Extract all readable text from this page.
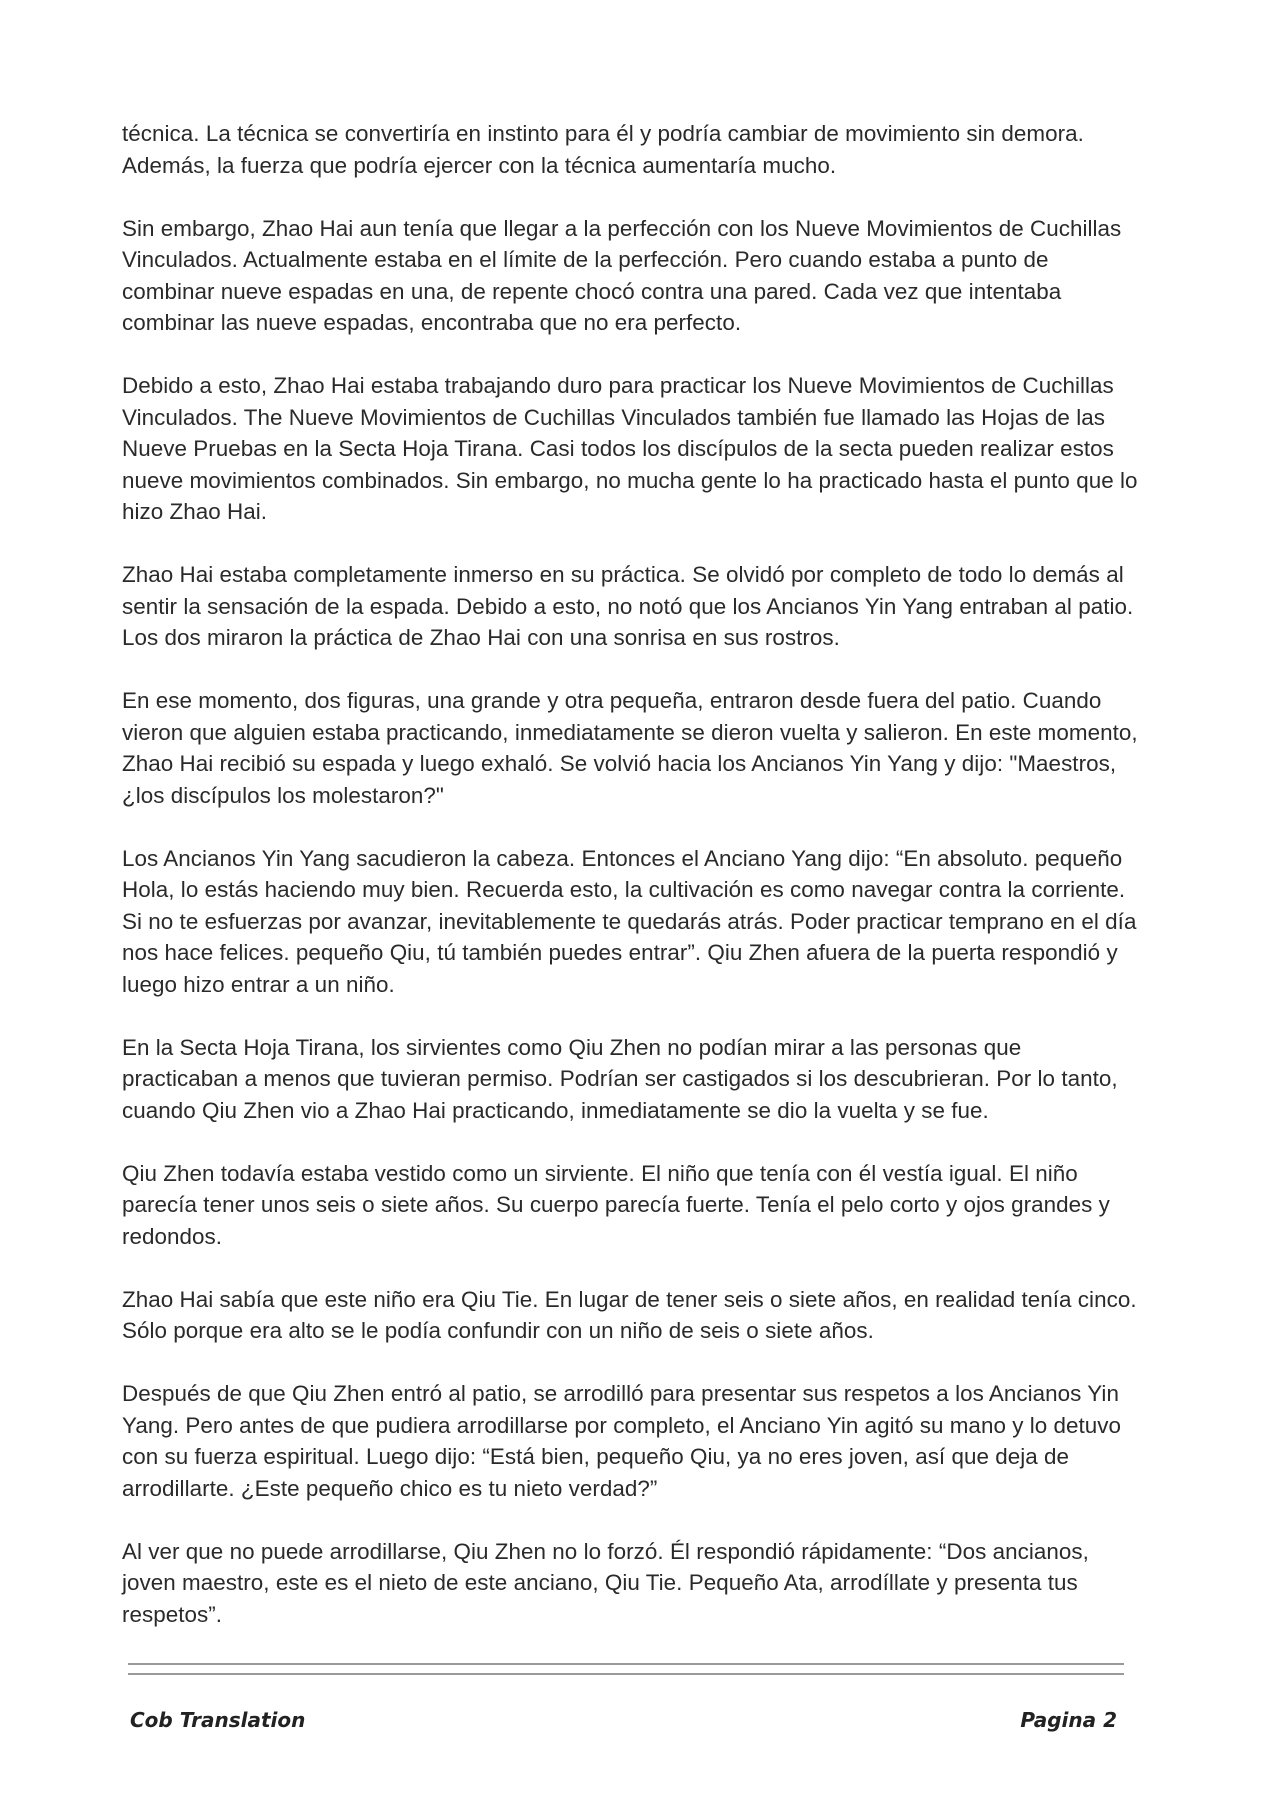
técnica. La técnica se convertiría en instinto para él y podría cambiar de movimiento sin demora. Además, la fuerza que podría ejercer con la técnica aumentaría mucho.

Sin embargo, Zhao Hai aun tenía que llegar a la perfección con los Nueve Movimientos de Cuchillas Vinculados. Actualmente estaba en el límite de la perfección. Pero cuando estaba a punto de combinar nueve espadas en una, de repente chocó contra una pared. Cada vez que intentaba combinar las nueve espadas, encontraba que no era perfecto.

Debido a esto, Zhao Hai estaba trabajando duro para practicar los Nueve Movimientos de Cuchillas Vinculados. The Nueve Movimientos de Cuchillas Vinculados también fue llamado las Hojas de las Nueve Pruebas en la Secta Hoja Tirana. Casi todos los discípulos de la secta pueden realizar estos nueve movimientos combinados. Sin embargo, no mucha gente lo ha practicado hasta el punto que lo hizo Zhao Hai.

Zhao Hai estaba completamente inmerso en su práctica. Se olvidó por completo de todo lo demás al sentir la sensación de la espada. Debido a esto, no notó que los Ancianos Yin Yang entraban al patio. Los dos miraron la práctica de Zhao Hai con una sonrisa en sus rostros.

En ese momento, dos figuras, una grande y otra pequeña, entraron desde fuera del patio. Cuando vieron que alguien estaba practicando, inmediatamente se dieron vuelta y salieron. En este momento, Zhao Hai recibió su espada y luego exhaló. Se volvió hacia los Ancianos Yin Yang y dijo: "Maestros, ¿los discípulos los molestaron?"

Los Ancianos Yin Yang sacudieron la cabeza. Entonces el Anciano Yang dijo: “En absoluto. pequeño Hola, lo estás haciendo muy bien. Recuerda esto, la cultivación es como navegar contra la corriente. Si no te esfuerzas por avanzar, inevitablemente te quedarás atrás. Poder practicar temprano en el día nos hace felices. pequeño Qiu, tú también puedes entrar”. Qiu Zhen afuera de la puerta respondió y luego hizo entrar a un niño.

En la Secta Hoja Tirana, los sirvientes como Qiu Zhen no podían mirar a las personas que practicaban a menos que tuvieran permiso. Podrían ser castigados si los descubrieran. Por lo tanto, cuando Qiu Zhen vio a Zhao Hai practicando, inmediatamente se dio la vuelta y se fue.

Qiu Zhen todavía estaba vestido como un sirviente. El niño que tenía con él vestía igual. El niño parecía tener unos seis o siete años. Su cuerpo parecía fuerte. Tenía el pelo corto y ojos grandes y redondos.

Zhao Hai sabía que este niño era Qiu Tie. En lugar de tener seis o siete años, en realidad tenía cinco. Sólo porque era alto se le podía confundir con un niño de seis o siete años.

Después de que Qiu Zhen entró al patio, se arrodilló para presentar sus respetos a los Ancianos Yin Yang. Pero antes de que pudiera arrodillarse por completo, el Anciano Yin agitó su mano y lo detuvo con su fuerza espiritual. Luego dijo: “Está bien, pequeño Qiu, ya no eres joven, así que deja de arrodillarte. ¿Este pequeño chico es tu nieto verdad?”

Al ver que no puede arrodillarse, Qiu Zhen no lo forzó. Él respondió rápidamente: “Dos ancianos, joven maestro, este es el nieto de este anciano, Qiu Tie. Pequeño Ata, arrodíllate y presenta tus respetos”.

Cob Translation	Pagina 2
